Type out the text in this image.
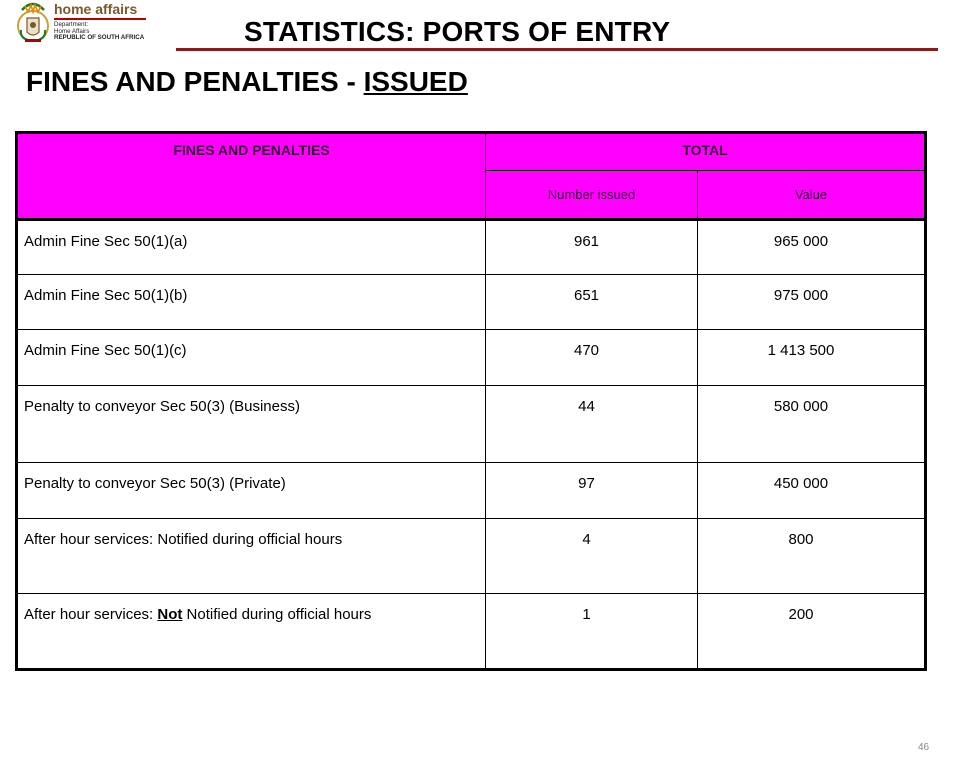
home affairs
Department:
Home Affairs
REPUBLIC OF SOUTH AFRICA	STATISTICS: PORTS OF ENTRY
FINES AND PENALTIES - ISSUED
FINES AND PENALTIES	TOTAL	
	Number issued	Value
Admin Fine Sec 50(1)(a)	961	965 000
Admin Fine Sec 50(1)(b)	651	975 000
Admin Fine Sec 50(1)(c)	470	1 413 500
Penalty to conveyor Sec 50(3) (Business)	44	580 000
Penalty to conveyor Sec 50(3) (Private)	97	450 000
After hour services: Notified during official hours	4	800
After hour services: Not Notified during official hours	1	200
46
